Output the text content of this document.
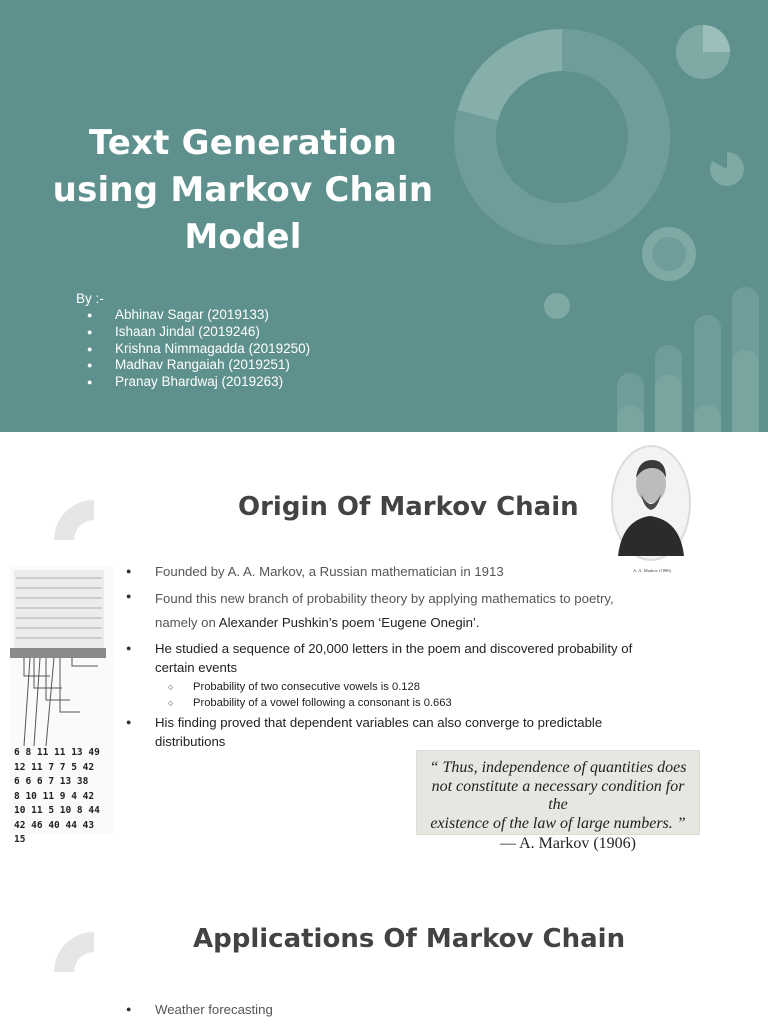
Text Generation
using Markov Chain
Model
By :-
● Abhinav Sagar (2019133)
● Ishaan Jindal (2019246)
● Krishna Nimmagadda (2019250)
● Madhav Rangaiah (2019251)
● Pranay Bhardwaj (2019263)
Origin Of Markov Chain
A. A. Markov (1886)
6 8 11 11 13 49
12 11 7 7 5 42
6 6 6 7 13 38
8 10 11 9 4 42
10 11 5 10 8 44
42 46 40 44 43 15
● Founded by A. A. Markov, a Russian mathematician in 1913
● Found this new branch of probability theory by applying mathematics to poetry,
namely on Alexander Pushkin’s poem ‘Eugene Onegin’.
● He studied a sequence of 20,000 letters in the poem and discovered probability of
certain events
○ Probability of two consecutive vowels is 0.128
○ Probability of a vowel following a consonant is 0.663
● His finding proved that dependent variables can also converge to predictable
distributions
“ Thus, independence of quantities does
not constitute a necessary condition for the
existence of the law of large numbers. ”
— A. Markov (1906)
Applications Of Markov Chain
● Weather forecasting
